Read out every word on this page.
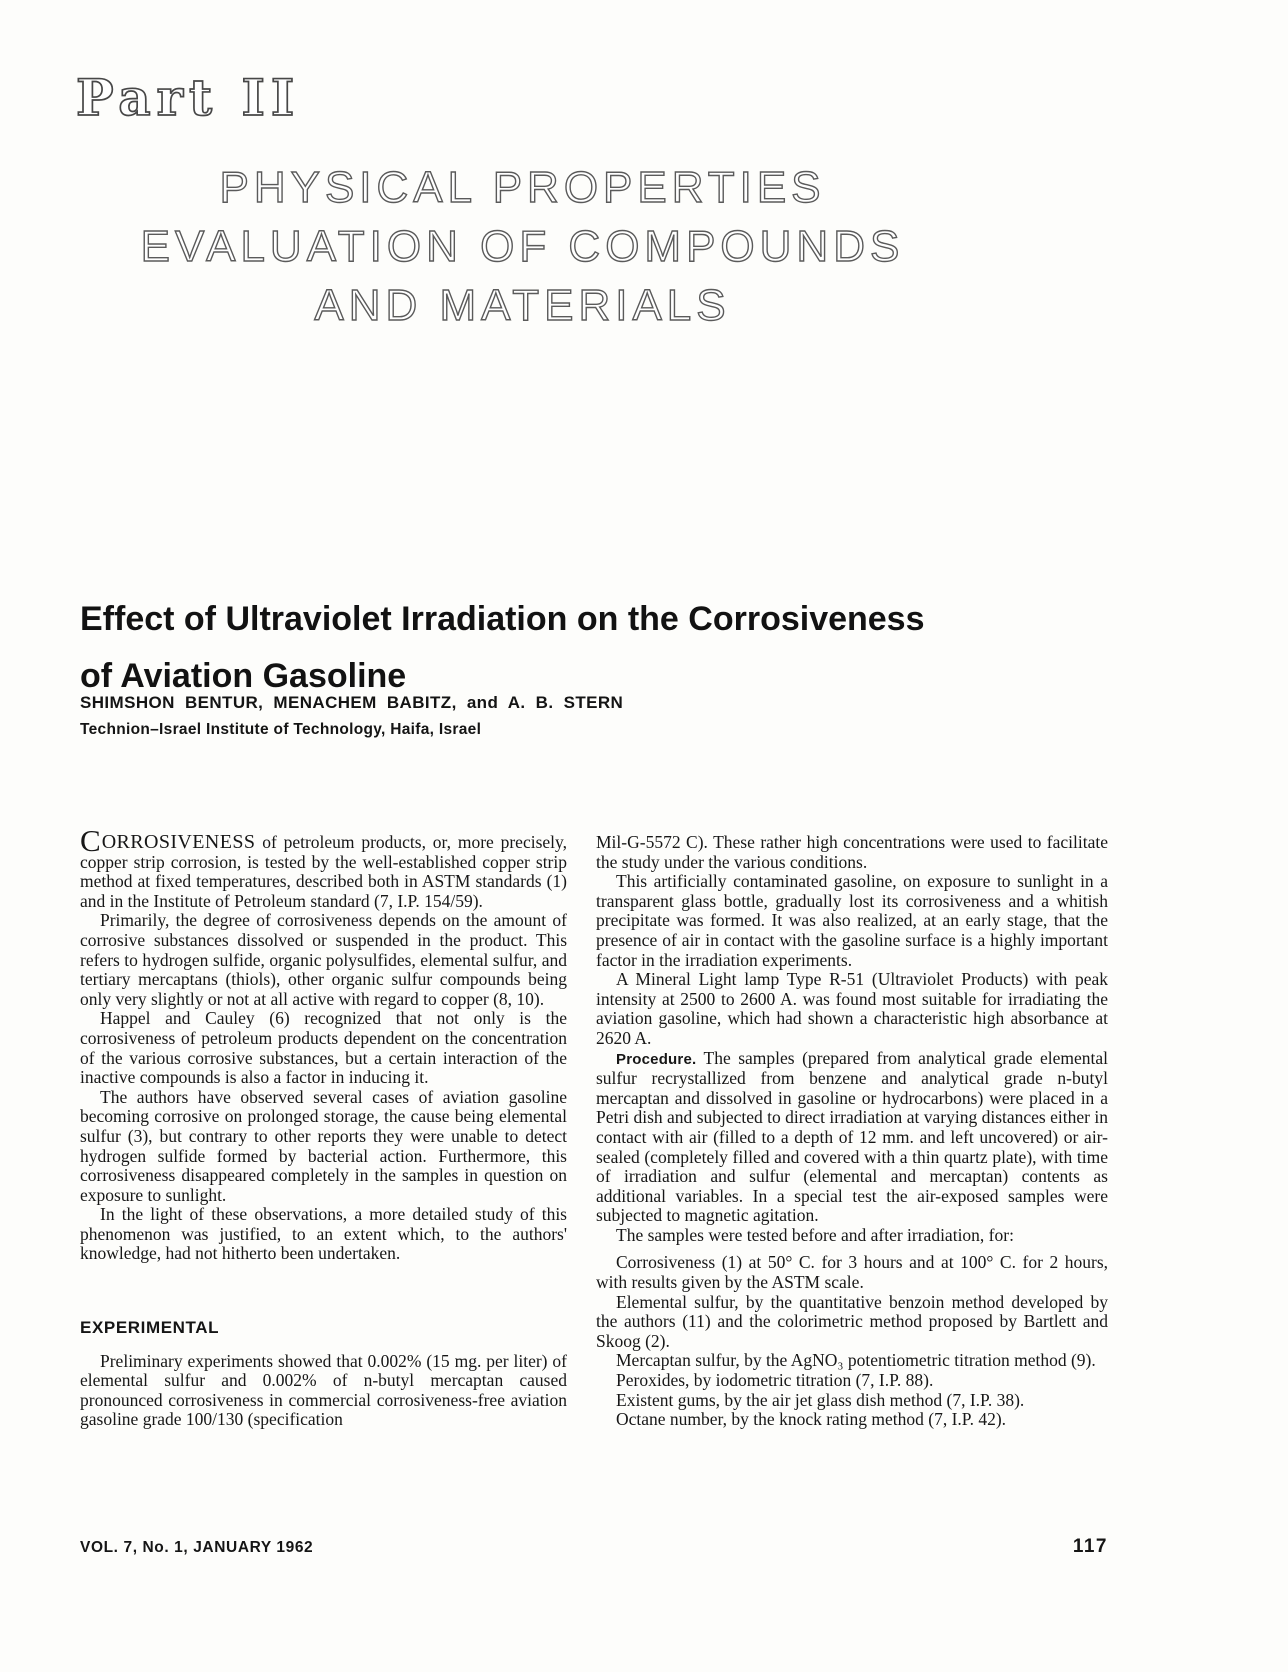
Part II
PHYSICAL PROPERTIES
EVALUATION OF COMPOUNDS
AND MATERIALS
Effect of Ultraviolet Irradiation on the Corrosiveness
of Aviation Gasoline
SHIMSHON BENTUR, MENACHEM BABITZ, and A. B. STERN
Technion–Israel Institute of Technology, Haifa, Israel

CORROSIVENESS of petroleum products, or, more precisely, copper strip corrosion, is tested by the well-established copper strip method at fixed temperatures, described both in ASTM standards (1) and in the Institute of Petroleum standard (7, I.P. 154/59).

Primarily, the degree of corrosiveness depends on the amount of corrosive substances dissolved or suspended in the product. This refers to hydrogen sulfide, organic polysulfides, elemental sulfur, and tertiary mercaptans (thiols), other organic sulfur compounds being only very slightly or not at all active with regard to copper (8, 10).

Happel and Cauley (6) recognized that not only is the corrosiveness of petroleum products dependent on the concentration of the various corrosive substances, but a certain interaction of the inactive compounds is also a factor in inducing it.

The authors have observed several cases of aviation gasoline becoming corrosive on prolonged storage, the cause being elemental sulfur (3), but contrary to other reports they were unable to detect hydrogen sulfide formed by bacterial action. Furthermore, this corrosiveness disappeared completely in the samples in question on exposure to sunlight.

In the light of these observations, a more detailed study of this phenomenon was justified, to an extent which, to the authors' knowledge, had not hitherto been undertaken.

EXPERIMENTAL

Preliminary experiments showed that 0.002% (15 mg. per liter) of elemental sulfur and 0.002% of n-butyl mercaptan caused pronounced corrosiveness in commercial corrosiveness-free aviation gasoline grade 100/130 (specification

Mil-G-5572 C). These rather high concentrations were used to facilitate the study under the various conditions.

This artificially contaminated gasoline, on exposure to sunlight in a transparent glass bottle, gradually lost its corrosiveness and a whitish precipitate was formed. It was also realized, at an early stage, that the presence of air in contact with the gasoline surface is a highly important factor in the irradiation experiments.

A Mineral Light lamp Type R-51 (Ultraviolet Products) with peak intensity at 2500 to 2600 A. was found most suitable for irradiating the aviation gasoline, which had shown a characteristic high absorbance at 2620 A.

Procedure. The samples (prepared from analytical grade elemental sulfur recrystallized from benzene and analytical grade n-butyl mercaptan and dissolved in gasoline or hydrocarbons) were placed in a Petri dish and subjected to direct irradiation at varying distances either in contact with air (filled to a depth of 12 mm. and left uncovered) or air-sealed (completely filled and covered with a thin quartz plate), with time of irradiation and sulfur (elemental and mercaptan) contents as additional variables. In a special test the air-exposed samples were subjected to magnetic agitation.

The samples were tested before and after irradiation, for:

Corrosiveness (1) at 50° C. for 3 hours and at 100° C. for 2 hours, with results given by the ASTM scale.

Elemental sulfur, by the quantitative benzoin method developed by the authors (11) and the colorimetric method proposed by Bartlett and Skoog (2).

Mercaptan sulfur, by the AgNO₃ potentiometric titration method (9).

Peroxides, by iodometric titration (7, I.P. 88).

Existent gums, by the air jet glass dish method (7, I.P. 38).

Octane number, by the knock rating method (7, I.P. 42).

VOL. 7, No. 1, JANUARY 1962	117
